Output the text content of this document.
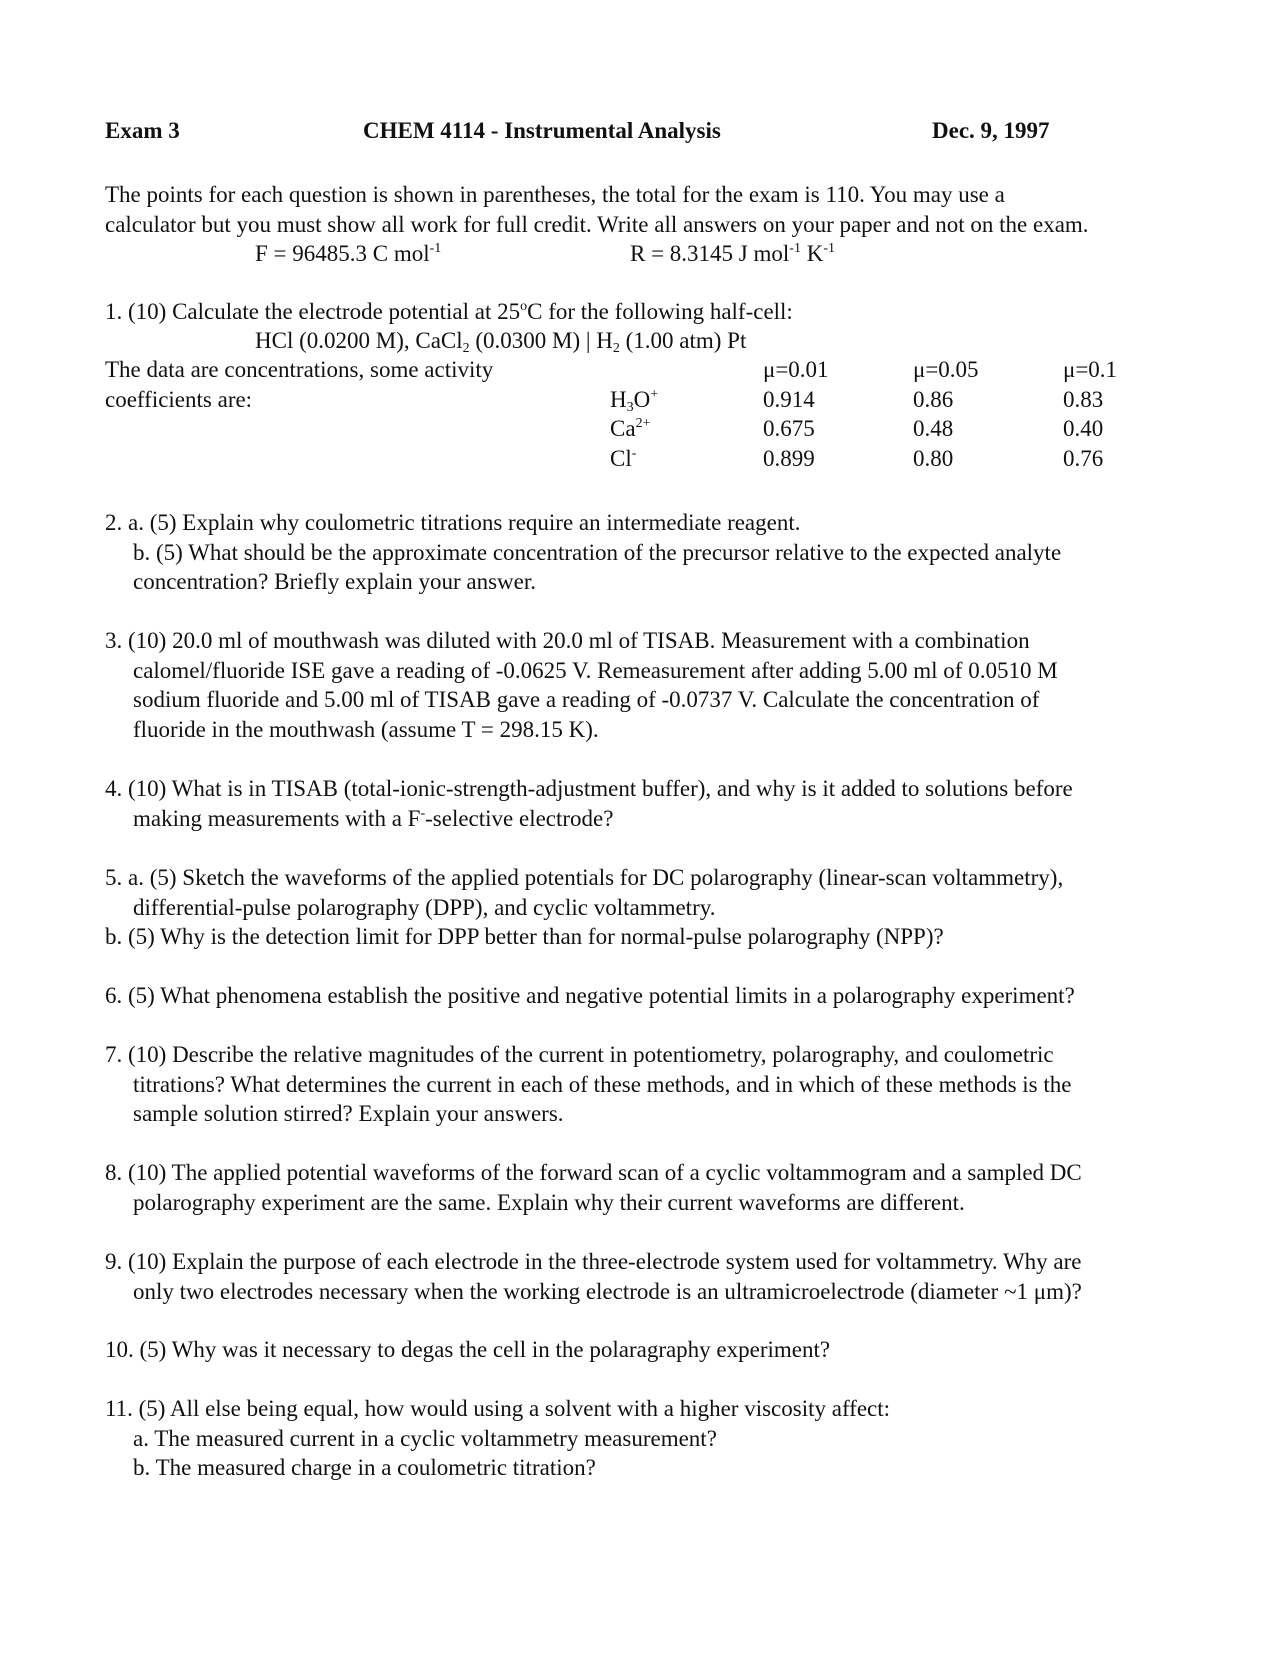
Exam 3	CHEM 4114 - Instrumental Analysis	Dec. 9, 1997
The points for each question is shown in parentheses, the total for the exam is 110. You may use a
calculator but you must show all work for full credit. Write all answers on your paper and not on the exam.
F = 96485.3 C mol$^{-1}$	R = 8.3145 J mol$^{-1}$ $K^{-1}$
1. (10) Calculate the electrode potential at 25$^o$C for the following half-cell:
HCl (0.0200 M), CaCl$_2$ (0.0300 M) | $H_2$ (1.00 atm) Pt
The data are concentrations, some activity		μ=0.01	μ=0.05	μ=0.1
coefficients are:	$H_3O^+$	0.914	0.86	0.83
	$Ca^{2+}$	0.675	0.48	0.40
	Cl-	0.899	0.80	0.76
2. a. (5) Explain why coulometric titrations require an intermediate reagent.
b. (5) What should be the approximate concentration of the precursor relative to the expected analyte
concentration? Briefly explain your answer.
3. (10) 20.0 ml of mouthwash was diluted with 20.0 ml of TISAB. Measurement with a combination
calomel/fluoride ISE gave a reading of -0.0625 V. Remeasurement after adding 5.00 ml of 0.0510 M
sodium fluoride and 5.00 ml of TISAB gave a reading of -0.0737 V. Calculate the concentration of
fluoride in the mouthwash (assume T = 298.15 K).
4. (10) What is in TISAB (total-ionic-strength-adjustment buffer), and why is it added to solutions before
making measurements with a F--selective electrode?
5. a. (5) Sketch the waveforms of the applied potentials for DC polarography (linear-scan voltammetry),
differential-pulse polarography (DPP), and cyclic voltammetry.
b. (5) Why is the detection limit for DPP better than for normal-pulse polarography (NPP)?
6. (5) What phenomena establish the positive and negative potential limits in a polarography experiment?
7. (10) Describe the relative magnitudes of the current in potentiometry, polarography, and coulometric
titrations? What determines the current in each of these methods, and in which of these methods is the
sample solution stirred? Explain your answers.
8. (10) The applied potential waveforms of the forward scan of a cyclic voltammogram and a sampled DC
polarography experiment are the same. Explain why their current waveforms are different.
9. (10) Explain the purpose of each electrode in the three-electrode system used for voltammetry. Why are
only two electrodes necessary when the working electrode is an ultramicroelectrode (diameter ~1 μm)?
10. (5) Why was it necessary to degas the cell in the polaragraphy experiment?
11. (5) All else being equal, how would using a solvent with a higher viscosity affect:
a. The measured current in a cyclic voltammetry measurement?
b. The measured charge in a coulometric titration?
